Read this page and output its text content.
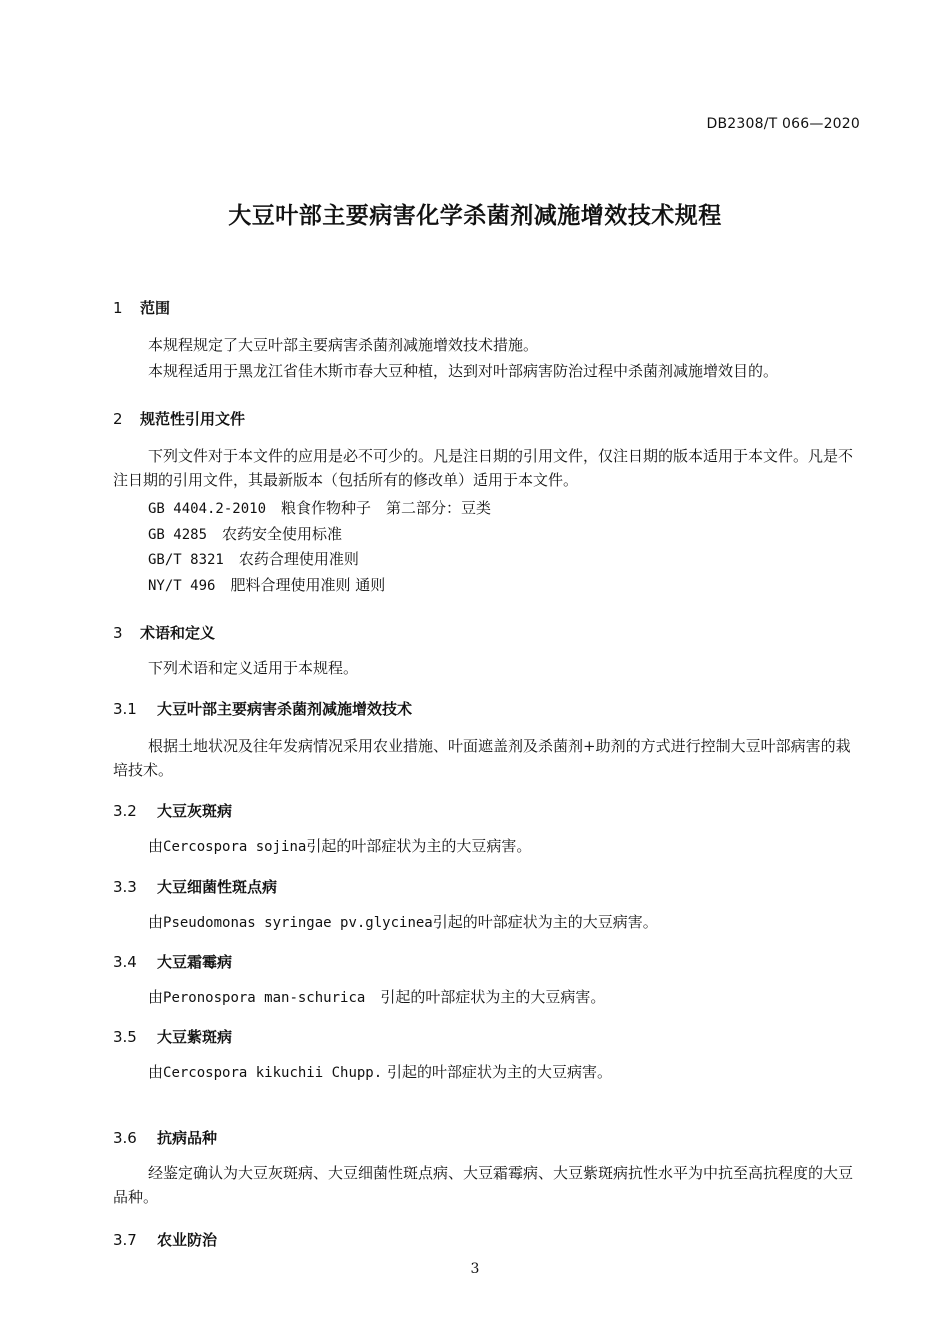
DB2308/T 066—2020
大豆叶部主要病害化学杀菌剂减施增效技术规程
1 范围
本规程规定了大豆叶部主要病害杀菌剂减施增效技术措施。
本规程适用于黑龙江省佳木斯市春大豆种植，达到对叶部病害防治过程中杀菌剂减施增效目的。
2 规范性引用文件
下列文件对于本文件的应用是必不可少的。凡是注日期的引用文件，仅注日期的版本适用于本文件。凡是不注日期的引用文件，其最新版本（包括所有的修改单）适用于本文件。
GB 4404.2-2010　 粮食作物种子　第二部分：豆类
GB 4285　 农药安全使用标准
GB/T 8321　 农药合理使用准则
NY/T 496　 肥料合理使用准则 通则
3 术语和定义
下列术语和定义适用于本规程。
3.1 大豆叶部主要病害杀菌剂减施增效技术
根据土地状况及往年发病情况采用农业措施、叶面遮盖剂及杀菌剂+助剂的方式进行控制大豆叶部病害的栽培技术。
3.2 大豆灰斑病
由Cercospora sojina引起的叶部症状为主的大豆病害。
3.3 大豆细菌性斑点病
由Pseudomonas syringae pv.glycinea引起的叶部症状为主的大豆病害。
3.4 大豆霜霉病
由Peronospora man-schurica　 引起的叶部症状为主的大豆病害。
3.5 大豆紫斑病
由Cercospora kikuchii Chupp. 引起的叶部症状为主的大豆病害。
3.6 抗病品种
经鉴定确认为大豆灰斑病、大豆细菌性斑点病、大豆霜霉病、大豆紫斑病抗性水平为中抗至高抗程度的大豆品种。
3.7 农业防治
3
